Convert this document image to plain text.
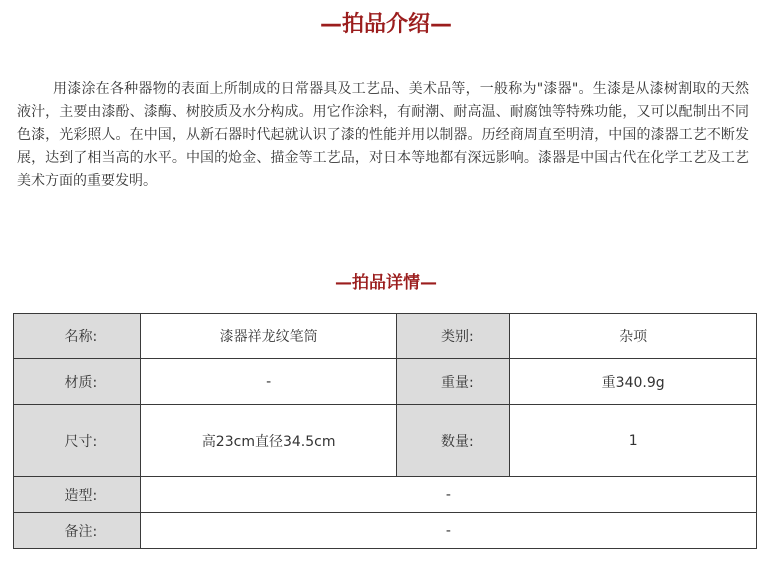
—拍品介绍—

用漆涂在各种器物的表面上所制成的日常器具及工艺品、美术品等，一般称为"漆器"。生漆是从漆树割取的天然液汁，主要由漆酚、漆酶、树胶质及水分构成。用它作涂料，有耐潮、耐高温、耐腐蚀等特殊功能，又可以配制出不同色漆，光彩照人。在中国，从新石器时代起就认识了漆的性能并用以制器。历经商周直至明清，中国的漆器工艺不断发展，达到了相当高的水平。中国的炝金、描金等工艺品，对日本等地都有深远影响。漆器是中国古代在化学工艺及工艺美术方面的重要发明。

—拍品详情—
名称:	漆器祥龙纹笔筒	类别:	杂项
材质:	-	重量:	重340.9g
尺寸:	高23cm直径34.5cm	数量:	1
造型:	-		
备注:	-		
